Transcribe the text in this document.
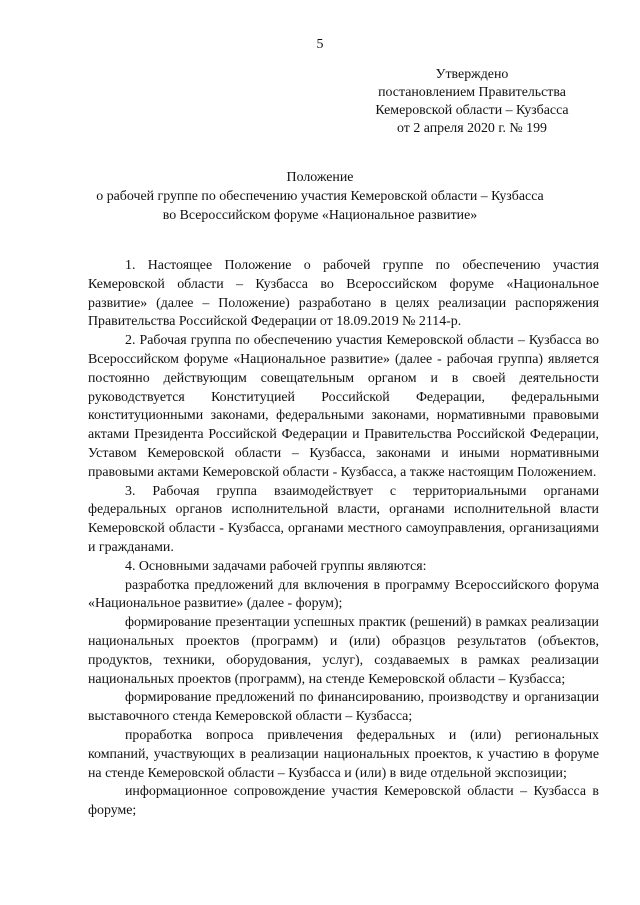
5
Утверждено
постановлением Правительства
Кемеровской области – Кузбасса
от 2 апреля 2020 г. № 199
Положение
о рабочей группе по обеспечению участия Кемеровской области – Кузбасса
во Всероссийском форуме «Национальное развитие»

1. Настоящее Положение о рабочей группе по обеспечению участия Кемеровской области – Кузбасса во Всероссийском форуме «Национальное развитие» (далее – Положение) разработано в целях реализации распоряжения Правительства Российской Федерации от 18.09.2019 № 2114-р.

2. Рабочая группа по обеспечению участия Кемеровской области – Кузбасса во Всероссийском форуме «Национальное развитие» (далее - рабочая группа) является постоянно действующим совещательным органом и в своей деятельности руководствуется Конституцией Российской Федерации, федеральными конституционными законами, федеральными законами, нормативными правовыми актами Президента Российской Федерации и Правительства Российской Федерации, Уставом Кемеровской области – Кузбасса, законами и иными нормативными правовыми актами Кемеровской области - Кузбасса, а также настоящим Положением.

3. Рабочая группа взаимодействует с территориальными органами федеральных органов исполнительной власти, органами исполнительной власти Кемеровской области - Кузбасса, органами местного самоуправления, организациями и гражданами.

4. Основными задачами рабочей группы являются:

разработка предложений для включения в программу Всероссийского форума «Национальное развитие» (далее - форум);

формирование презентации успешных практик (решений) в рамках реализации национальных проектов (программ) и (или) образцов результатов (объектов, продуктов, техники, оборудования, услуг), создаваемых в рамках реализации национальных проектов (программ), на стенде Кемеровской области – Кузбасса;

формирование предложений по финансированию, производству и организации выставочного стенда Кемеровской области – Кузбасса;

проработка вопроса привлечения федеральных и (или) региональных компаний, участвующих в реализации национальных проектов, к участию в форуме на стенде Кемеровской области – Кузбасса и (или) в виде отдельной экспозиции;

информационное сопровождение участия Кемеровской области – Кузбасса в форуме;
